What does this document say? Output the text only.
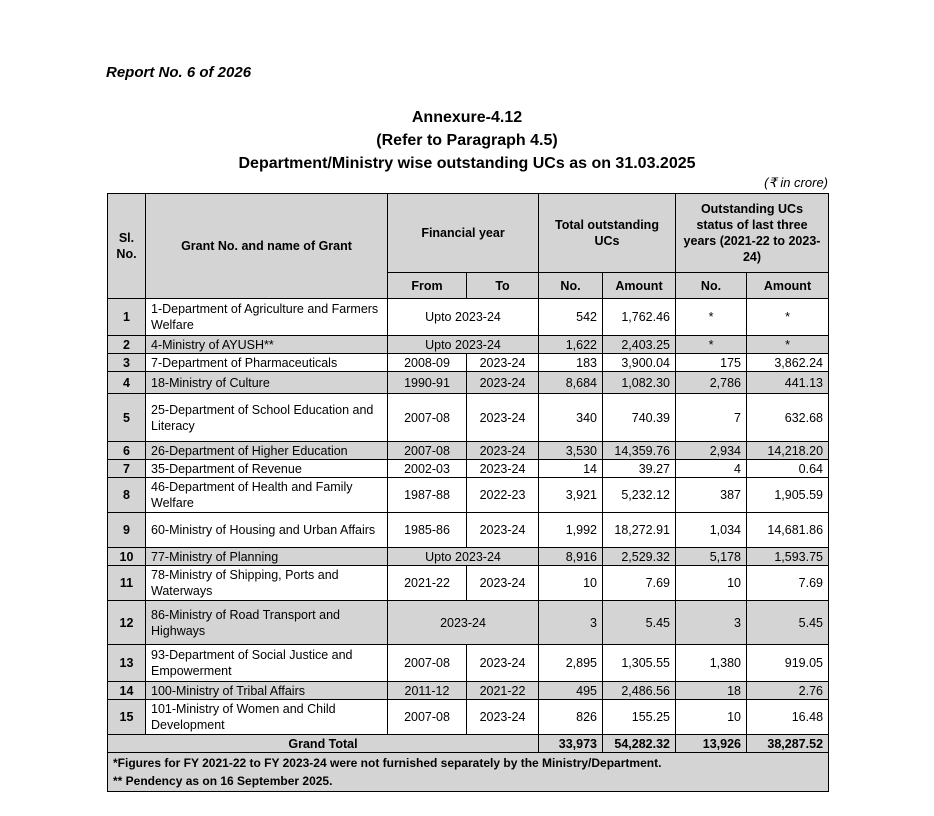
Report No. 6 of 2026
Annexure-4.12
(Refer to Paragraph 4.5)
Department/Ministry wise outstanding UCs as on 31.03.2025
(₹ in crore)
Sl. No.	Grant No. and name of Grant	Financial year		Total outstanding UCs		Outstanding UCs status of last three years (2021-22 to 2023-24)	
		From	To	No.	Amount	No.	Amount
1	1-Department of Agriculture and Farmers Welfare	Upto 2023-24		542	1,762.46	*	*
2	4-Ministry of AYUSH**	Upto 2023-24		1,622	2,403.25	*	*
3	7-Department of Pharmaceuticals	2008-09	2023-24	183	3,900.04	175	3,862.24
4	18-Ministry of Culture	1990-91	2023-24	8,684	1,082.30	2,786	441.13
5	25-Department of School Education and Literacy	2007-08	2023-24	340	740.39	7	632.68
6	26-Department of Higher Education	2007-08	2023-24	3,530	14,359.76	2,934	14,218.20
7	35-Department of Revenue	2002-03	2023-24	14	39.27	4	0.64
8	46-Department of Health and Family Welfare	1987-88	2022-23	3,921	5,232.12	387	1,905.59
9	60-Ministry of Housing and Urban Affairs	1985-86	2023-24	1,992	18,272.91	1,034	14,681.86
10	77-Ministry of Planning	Upto 2023-24		8,916	2,529.32	5,178	1,593.75
11	78-Ministry of Shipping, Ports and Waterways	2021-22	2023-24	10	7.69	10	7.69
12	86-Ministry of Road Transport and Highways	2023-24		3	5.45	3	5.45
13	93-Department of Social Justice and Empowerment	2007-08	2023-24	2,895	1,305.55	1,380	919.05
14	100-Ministry of Tribal Affairs	2011-12	2021-22	495	2,486.56	18	2.76
15	101-Ministry of Women and Child Development	2007-08	2023-24	826	155.25	10	16.48
Grand Total				33,973	54,282.32	13,926	38,287.52

*Figures for FY 2021-22 to FY 2023-24 were not furnished separately by the Ministry/Department.
** Pendency as on 16 September 2025.							
